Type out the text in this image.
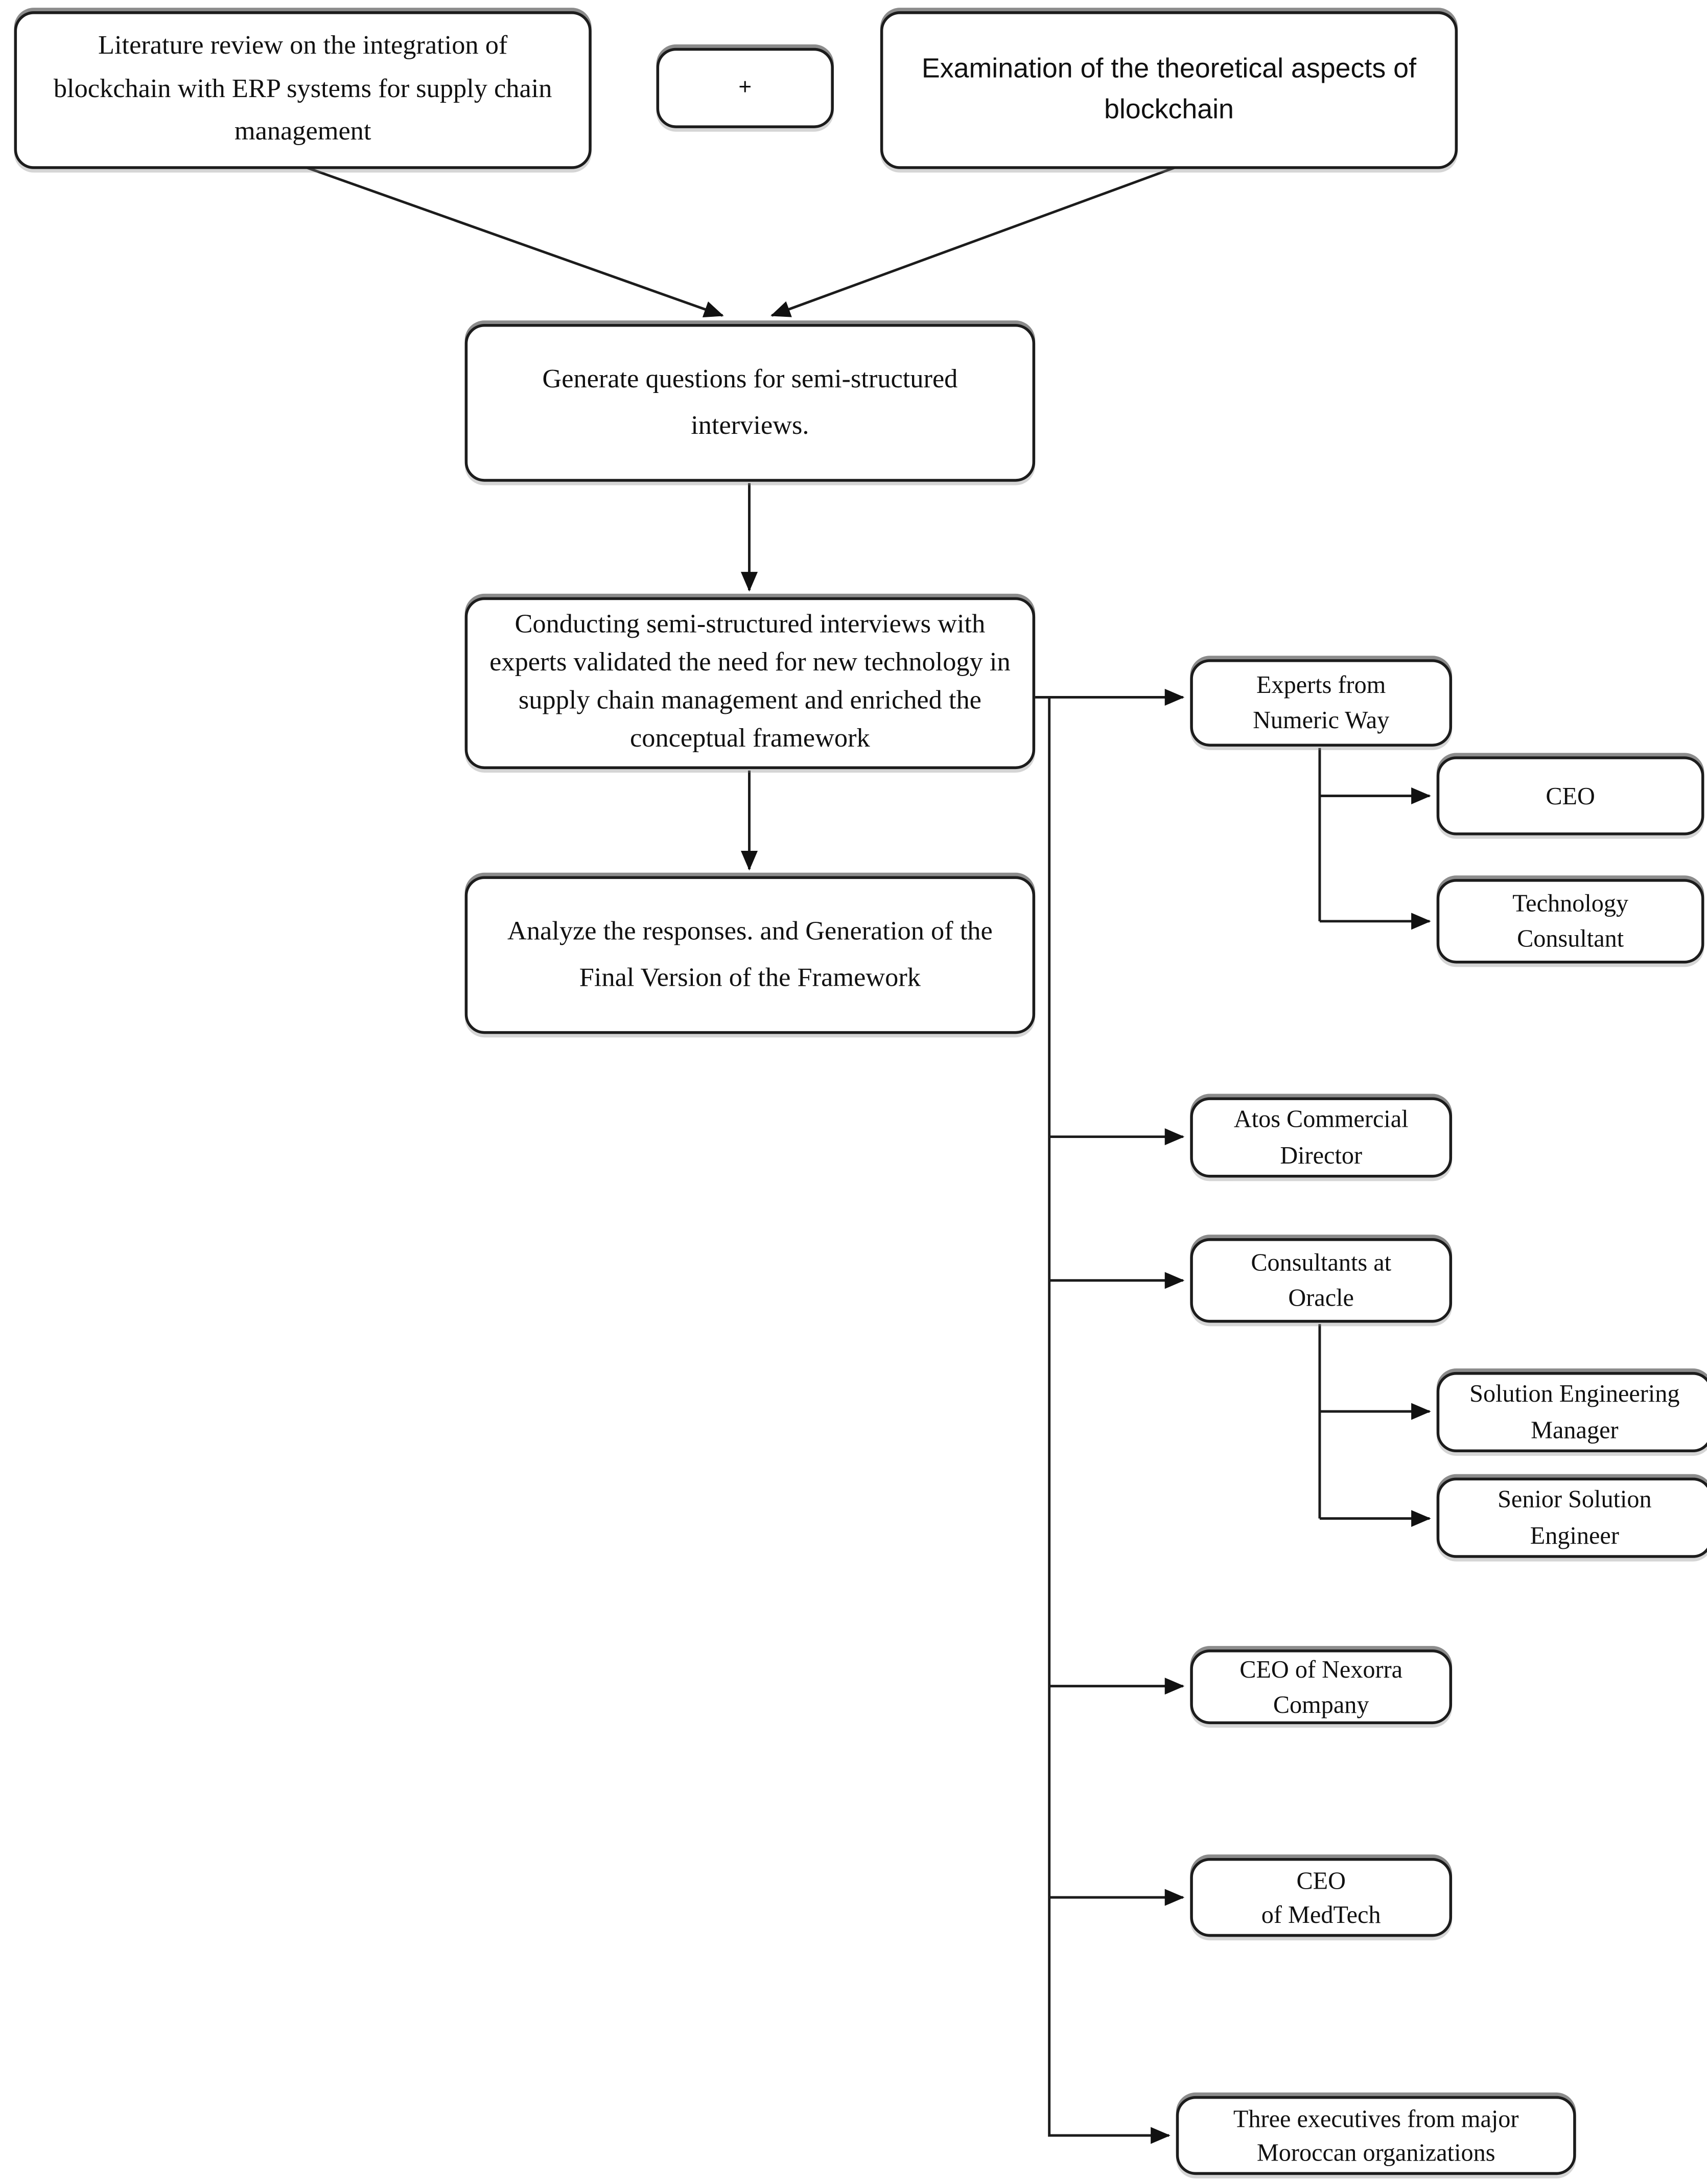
Literature review on the integration of blockchain with ERP systems for supply chain management
+
Examination of the theoretical aspects of blockchain
Generate questions for semi-structured interviews.
Conducting semi-structured interviews with experts validated the need for new technology in supply chain management and enriched the conceptual framework
Analyze the responses. and Generation of the Final Version of the Framework
Experts from Numeric Way
CEO
Technology Consultant
Atos Commercial Director
Consultants at Oracle
Solution Engineering Manager
Senior Solution Engineer
CEO of Nexorra Company
CEO
of MedTech
Three executives from major Moroccan organizations
